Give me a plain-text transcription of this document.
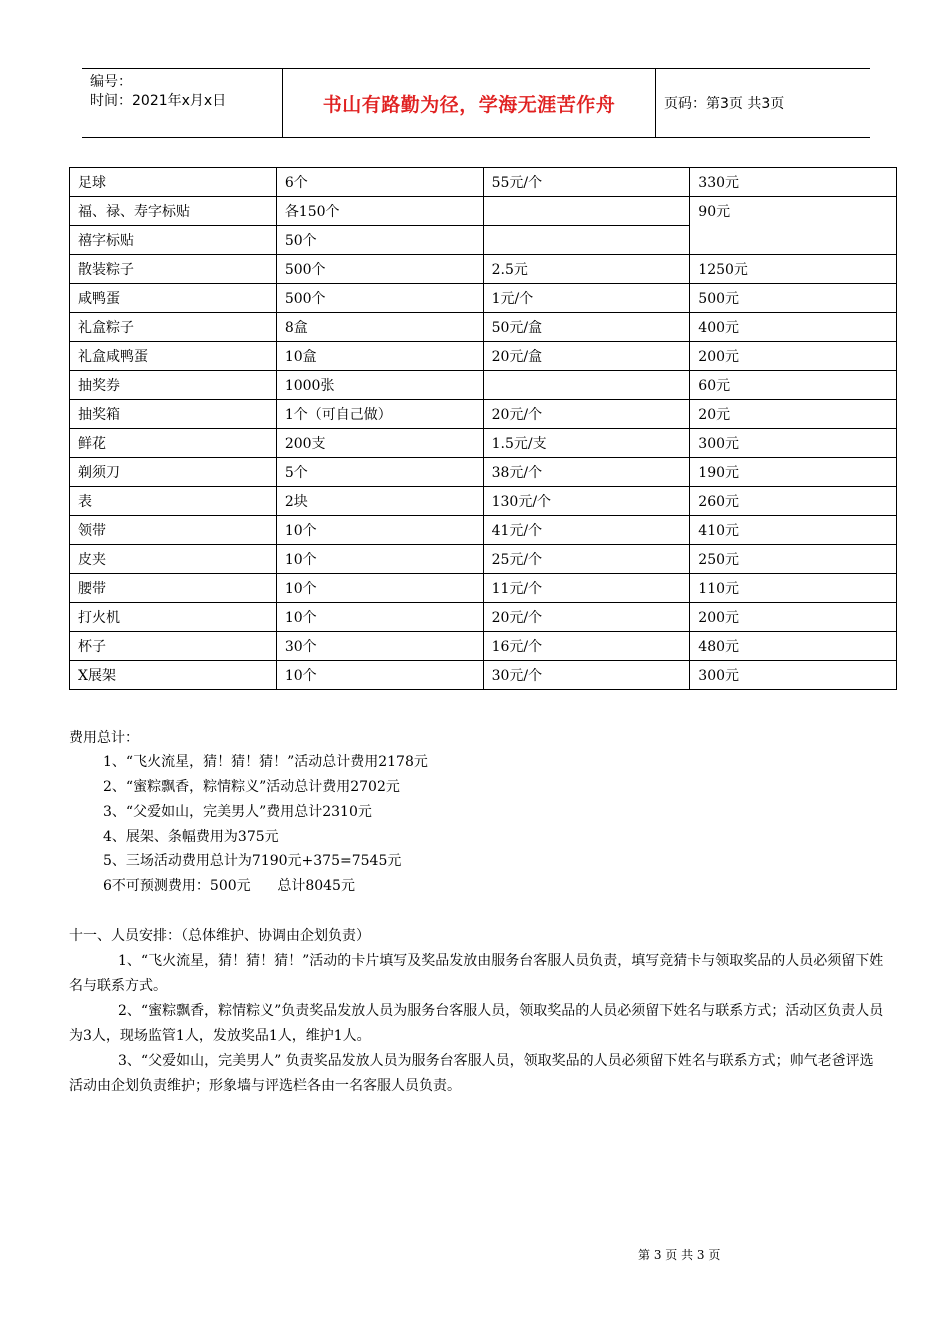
编号：
时间：2021年x月x日	书山有路勤为径，学海无涯苦作舟	页码：第3页 共3页
足球	6个	55元/个	330元
福、禄、寿字标贴	各150个		90元
禧字标贴	50个		
散装粽子	500个	2.5元	1250元
咸鸭蛋	500个	1元/个	500元
礼盒粽子	8盒	50元/盒	400元
礼盒咸鸭蛋	10盒	20元/盒	200元
抽奖券	1000张		60元
抽奖箱	1个（可自己做）	20元/个	20元
鲜花	200支	1.5元/支	300元
剃须刀	5个	38元/个	190元
表	2块	130元/个	260元
领带	10个	41元/个	410元
皮夹	10个	25元/个	250元
腰带	10个	11元/个	110元
打火机	10个	20元/个	200元
杯子	30个	16元/个	480元
X展架	10个	30元/个	300元
费用总计：
1、“飞火流星，猜！猜！猜！”活动总计费用2178元
2、“蜜粽飘香，粽情粽义”活动总计费用2702元
3、“父爱如山，完美男人”费用总计2310元
4、展架、条幅费用为375元
5、三场活动费用总计为7190元+375=7545元
6不可预测费用：500元      总计8045元
十一、人员安排：（总体维护、协调由企划负责）
1、“飞火流星，猜！猜！猜！”活动的卡片填写及奖品发放由服务台客服人员负责，填写竞猜卡与领取奖品的人员必须留下姓名与联系方式。
2、“蜜粽飘香，粽情粽义”负责奖品发放人员为服务台客服人员，领取奖品的人员必须留下姓名与联系方式；活动区负责人员为3人，现场监管1人，发放奖品1人，维护1人。
3、“父爱如山，完美男人” 负责奖品发放人员为服务台客服人员，领取奖品的人员必须留下姓名与联系方式；帅气老爸评选活动由企划负责维护；形象墙与评选栏各由一名客服人员负责。
第 3 页 共 3 页
